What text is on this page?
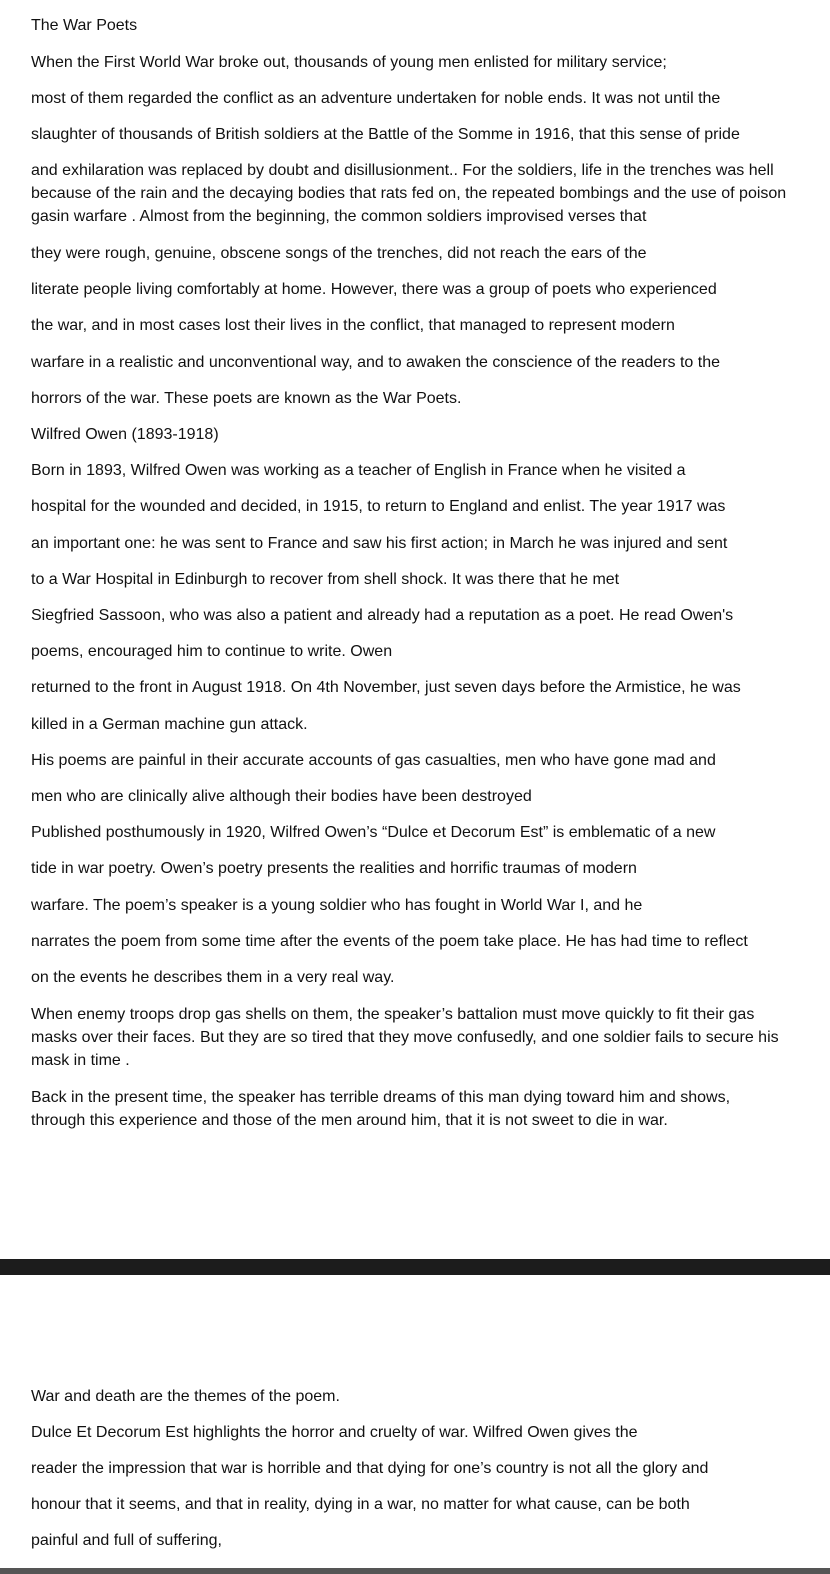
The War Poets
When the First World War broke out, thousands of young men enlisted for military service;
most of them regarded the conflict as an adventure undertaken for noble ends. It was not until the
slaughter of thousands of British soldiers at the Battle of the Somme in 1916, that this sense of pride
and exhilaration was replaced by doubt and disillusionment.. For the soldiers, life in the trenches was hell
because of the rain and the decaying bodies that rats fed on, the repeated bombings and the use of poison
gasin warfare . Almost from the beginning, the common soldiers improvised verses that
they were rough, genuine, obscene songs of the trenches, did not reach the ears of the
literate people living comfortably at home. However, there was a group of poets who experienced
the war, and in most cases lost their lives in the conflict, that managed to represent modern
warfare in a realistic and unconventional way, and to awaken the conscience of the readers to the
horrors of the war. These poets are known as the War Poets.
Wilfred Owen (1893-1918)
Born in 1893, Wilfred Owen was working as a teacher of English in France when he visited a
hospital for the wounded and decided, in 1915, to return to England and enlist. The year 1917 was
an important one: he was sent to France and saw his first action; in March he was injured and sent
to a War Hospital in Edinburgh to recover from shell shock. It was there that he met
Siegfried Sassoon, who was also a patient and already had a reputation as a poet. He read Owen's
poems, encouraged him to continue to write. Owen
returned to the front in August 1918. On 4th November, just seven days before the Armistice, he was
killed in a German machine gun attack.
His poems are painful in their accurate accounts of gas casualties, men who have gone mad and
men who are clinically alive although their bodies have been destroyed
Published posthumously in 1920, Wilfred Owen’s “Dulce et Decorum Est” is emblematic of a new
tide in war poetry. Owen’s poetry presents the realities and horrific traumas of modern
warfare. The poem’s speaker is a young soldier who has fought in World War I, and he
narrates the poem from some time after the events of the poem take place. He has had time to reflect
on the events he describes them in a very real way.
When enemy troops drop gas shells on them, the speaker’s battalion must move quickly to fit their gas
masks over their faces. But they are so tired that they move confusedly, and one soldier fails to secure his
mask in time .
Back in the present time, the speaker has terrible dreams of this man dying toward him and shows,
through this experience and those of the men around him, that it is not sweet to die in war.
War and death are the themes of the poem.
Dulce Et Decorum Est highlights the horror and cruelty of war. Wilfred Owen gives the
reader the impression that war is horrible and that dying for one’s country is not all the glory and
honour that it seems, and that in reality, dying in a war, no matter for what cause, can be both
painful and full of suffering,
